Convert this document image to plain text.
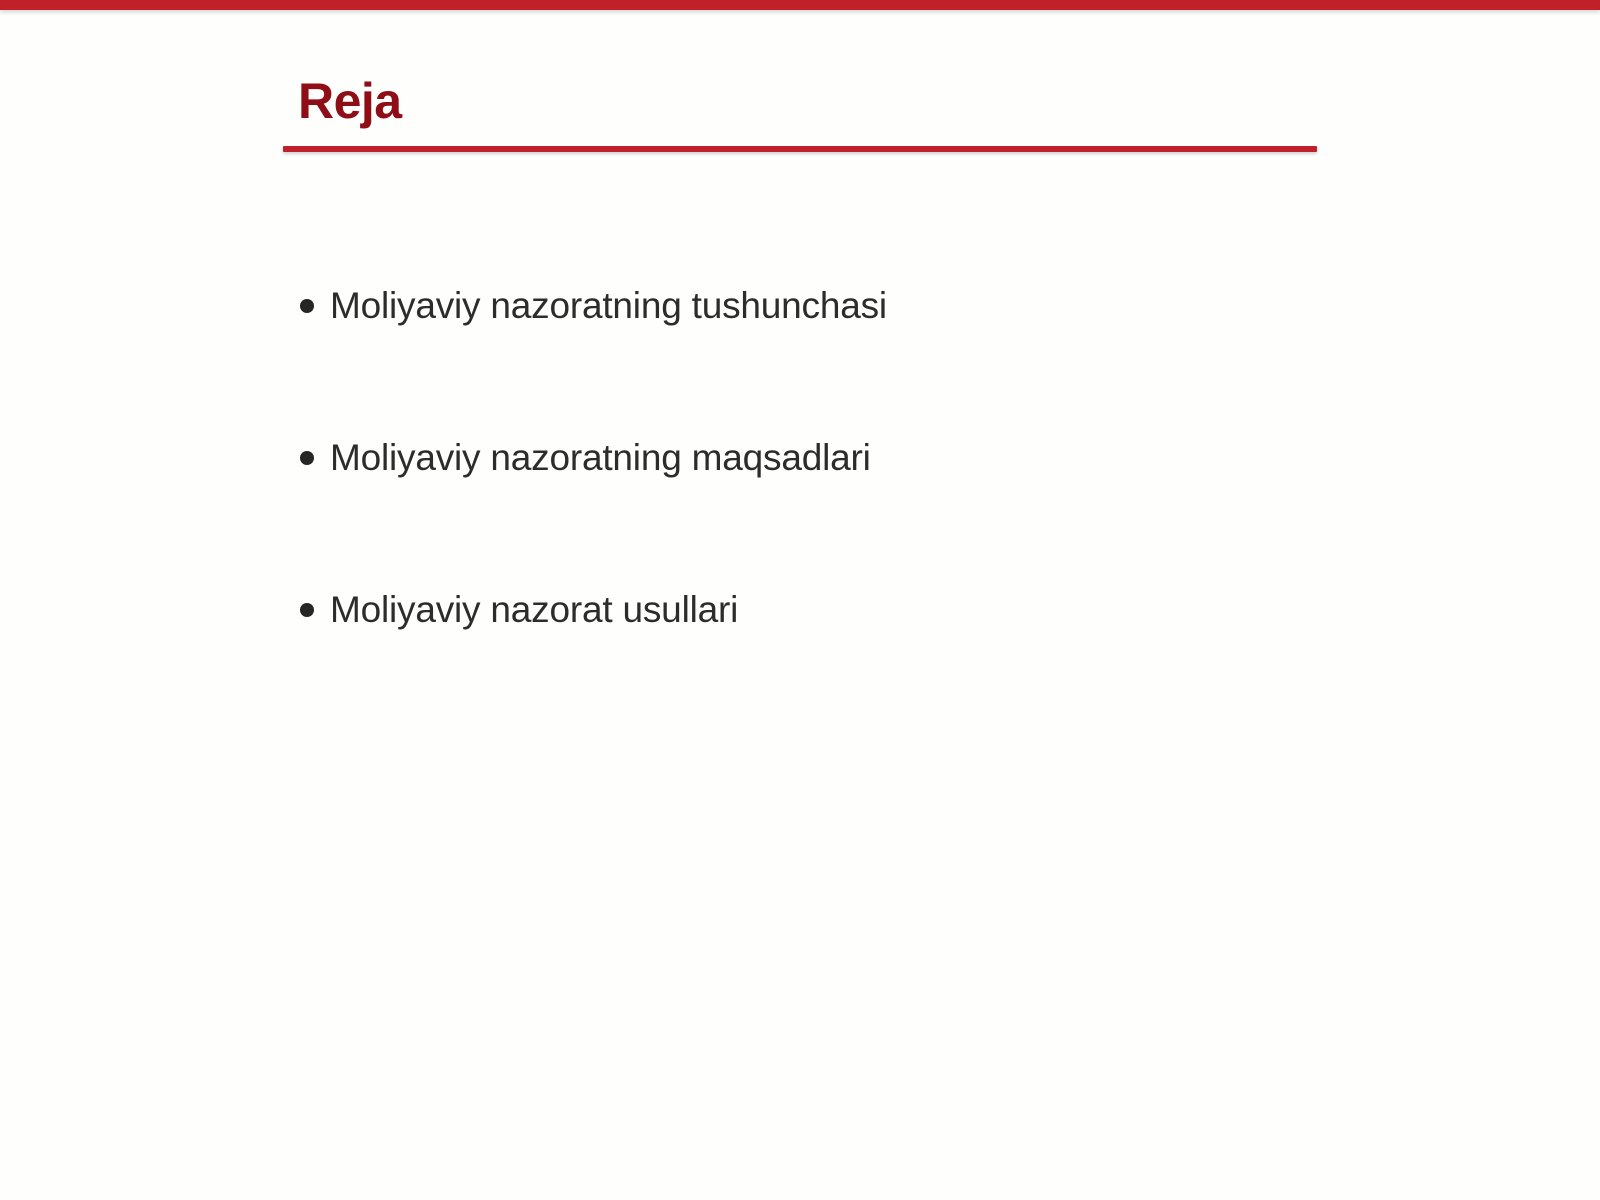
Reja
Moliyaviy nazoratning tushunchasi
Moliyaviy nazoratning maqsadlari
Moliyaviy nazorat usullari
